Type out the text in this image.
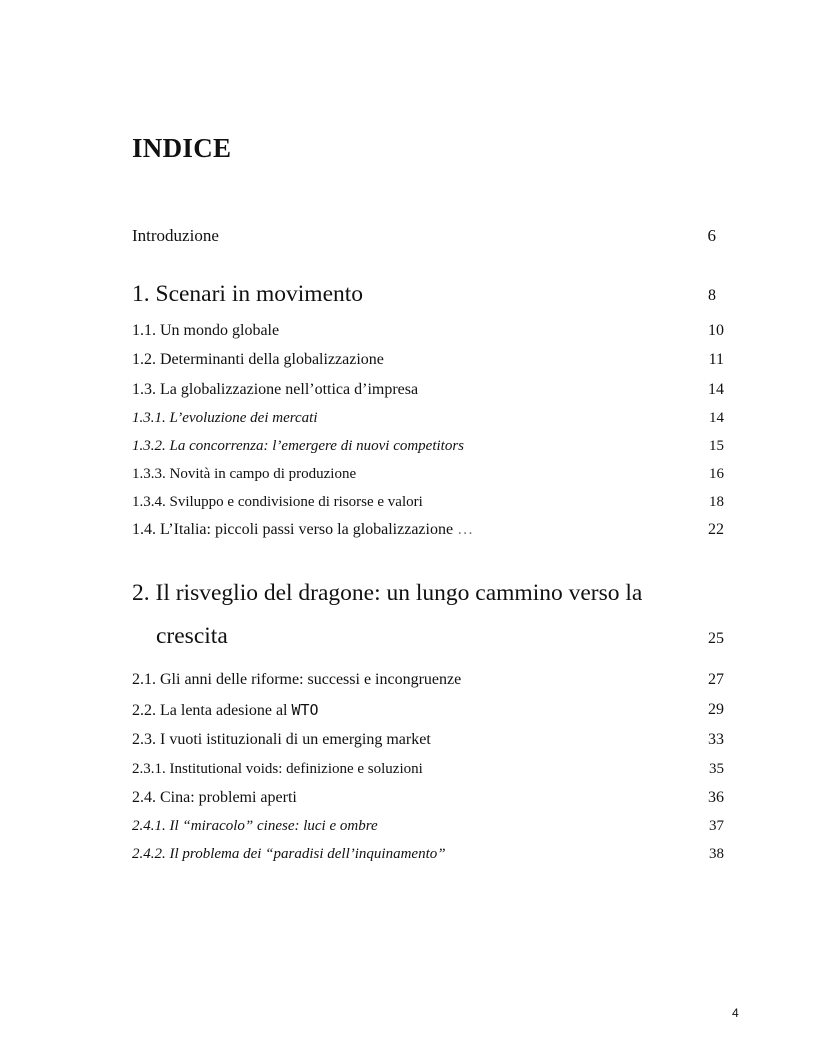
INDICE
Introduzione	6
1. Scenari in movimento	8
1.1. Un mondo globale	10
1.2. Determinanti della globalizzazione	11
1.3. La globalizzazione nell’ottica d’impresa	14
1.3.1. L’evoluzione dei mercati	14
1.3.2. La concorrenza: l’emergere di nuovi competitors	15
1.3.3. Novità in campo di produzione	16
1.3.4. Sviluppo e condivisione di risorse e valori	18
1.4. L’Italia: piccoli passi verso la globalizzazione …	22
2. Il risveglio del dragone: un lungo cammino verso la
crescita	25
2.1. Gli anni delle riforme: successi e incongruenze	27
2.2. La lenta adesione al WTO	29
2.3. I vuoti istituzionali di un emerging market	33
2.3.1. Institutional voids: definizione e soluzioni	35
2.4. Cina: problemi aperti	36
2.4.1. Il “miracolo” cinese: luci e ombre	37
2.4.2. Il problema dei “paradisi dell’inquinamento”	38
4
